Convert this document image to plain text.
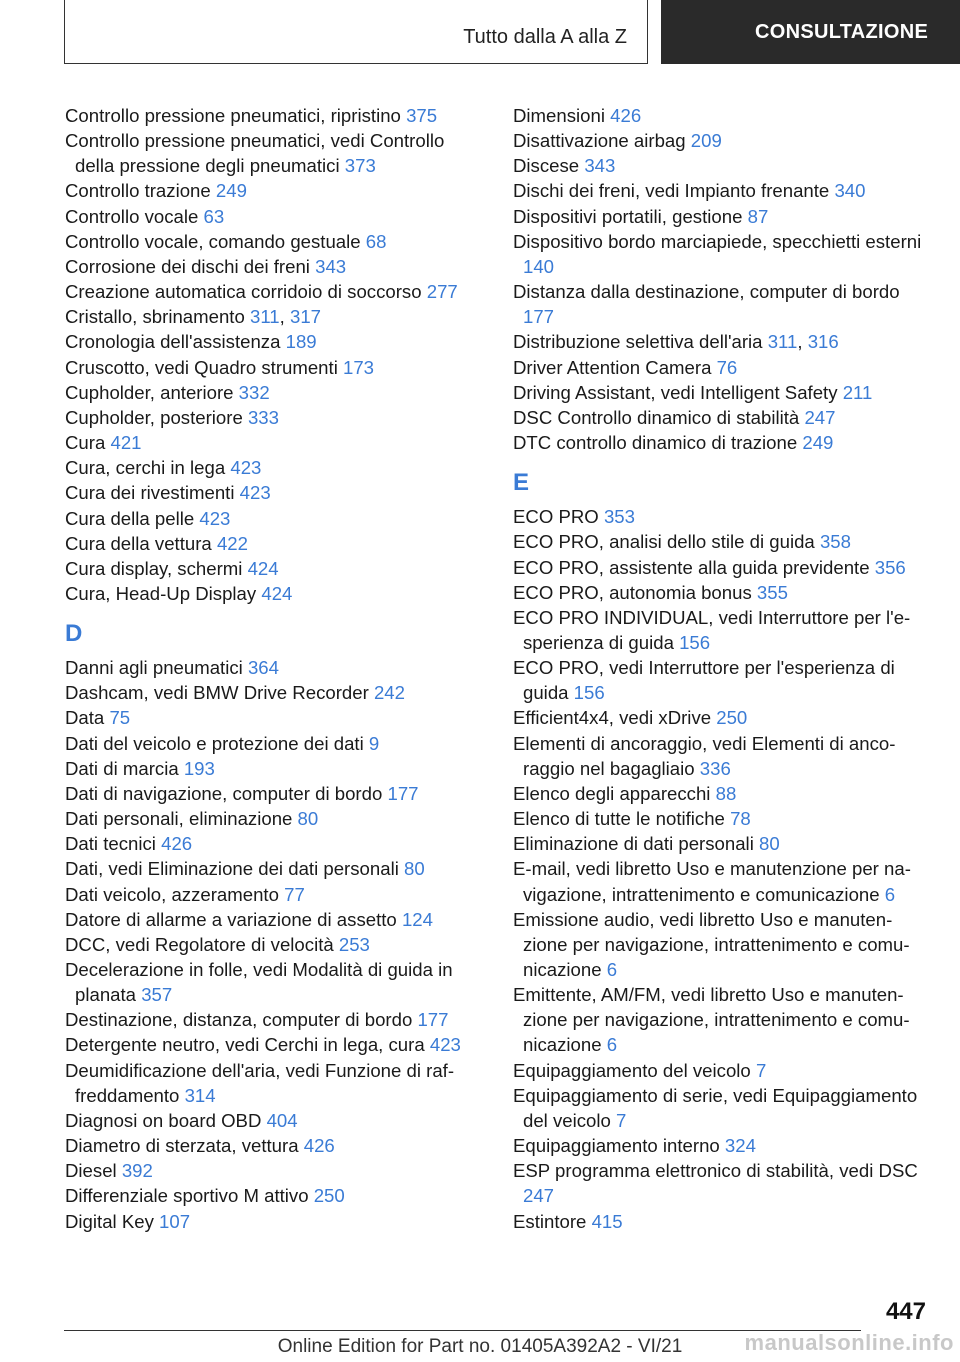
Tutto dalla A alla Z	CONSULTAZIONE
Controllo pressione pneumatici, ripristino 375
Controllo pressione pneumatici, vedi Controllo della pressione degli pneumatici 373
Controllo trazione 249
Controllo vocale 63
Controllo vocale, comando gestuale 68
Corrosione dei dischi dei freni 343
Creazione automatica corridoio di soccorso 277
Cristallo, sbrinamento 311, 317
Cronologia dell'assistenza 189
Cruscotto, vedi Quadro strumenti 173
Cupholder, anteriore 332
Cupholder, posteriore 333
Cura 421
Cura, cerchi in lega 423
Cura dei rivestimenti 423
Cura della pelle 423
Cura della vettura 422
Cura display, schermi 424
Cura, Head-Up Display 424
D
Danni agli pneumatici 364
Dashcam, vedi BMW Drive Recorder 242
Data 75
Dati del veicolo e protezione dei dati 9
Dati di marcia 193
Dati di navigazione, computer di bordo 177
Dati personali, eliminazione 80
Dati tecnici 426
Dati, vedi Eliminazione dei dati personali 80
Dati veicolo, azzeramento 77
Datore di allarme a variazione di assetto 124
DCC, vedi Regolatore di velocità 253
Decelerazione in folle, vedi Modalità di guida in planata 357
Destinazione, distanza, computer di bordo 177
Detergente neutro, vedi Cerchi in lega, cura 423
Deumidificazione dell'aria, vedi Funzione di raf-freddamento 314
Diagnosi on board OBD 404
Diametro di sterzata, vettura 426
Diesel 392
Differenziale sportivo M attivo 250
Digital Key 107
Dimensioni 426
Disattivazione airbag 209
Discese 343
Dischi dei freni, vedi Impianto frenante 340
Dispositivi portatili, gestione 87
Dispositivo bordo marciapiede, specchietti esterni 140
Distanza dalla destinazione, computer di bordo 177
Distribuzione selettiva dell'aria 311, 316
Driver Attention Camera 76
Driving Assistant, vedi Intelligent Safety 211
DSC Controllo dinamico di stabilità 247
DTC controllo dinamico di trazione 249
E
ECO PRO 353
ECO PRO, analisi dello stile di guida 358
ECO PRO, assistente alla guida previdente 356
ECO PRO, autonomia bonus 355
ECO PRO INDIVIDUAL, vedi Interruttore per l'e-sperienza di guida 156
ECO PRO, vedi Interruttore per l'esperienza di guida 156
Efficient4x4, vedi xDrive 250
Elementi di ancoraggio, vedi Elementi di anco-raggio nel bagagliaio 336
Elenco degli apparecchi 88
Elenco di tutte le notifiche 78
Eliminazione di dati personali 80
E-mail, vedi libretto Uso e manutenzione per na-vigazione, intrattenimento e comunicazione 6
Emissione audio, vedi libretto Uso e manuten-zione per navigazione, intrattenimento e comu-nicazione 6
Emittente, AM/FM, vedi libretto Uso e manuten-zione per navigazione, intrattenimento e comu-nicazione 6
Equipaggiamento del veicolo 7
Equipaggiamento di serie, vedi Equipaggiamento del veicolo 7
Equipaggiamento interno 324
ESP programma elettronico di stabilità, vedi DSC 247
Estintore 415
447
Online Edition for Part no. 01405A392A2 - VI/21	manualsonline.info
